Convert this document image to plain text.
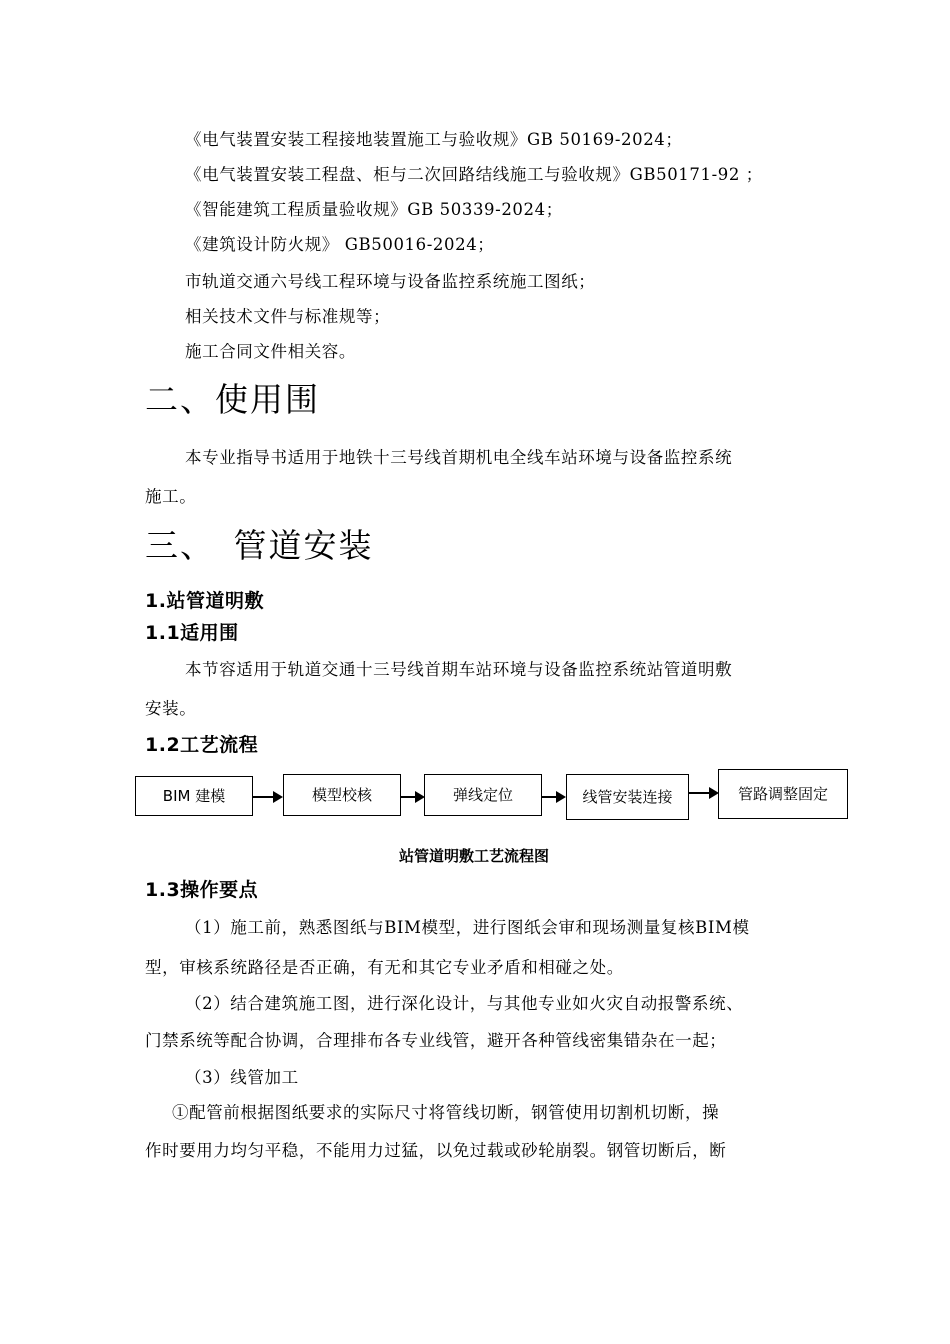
《电气装置安装工程接地装置施工与验收规》GB 50169-2024；
《电气装置安装工程盘、柜与二次回路结线施工与验收规》GB50171-92 ；
《智能建筑工程质量验收规》GB 50339-2024；
《建筑设计防火规》 GB50016-2024；
市轨道交通六号线工程环境与设备监控系统施工图纸；
相关技术文件与标准规等；
施工合同文件相关容。
二、使用围
本专业指导书适用于地铁十三号线首期机电全线车站环境与设备监控系统
施工。
三、　管道安装
1.站管道明敷
1.1适用围
本节容适用于轨道交通十三号线首期车站环境与设备监控系统站管道明敷
安装。
1.2工艺流程
BIM 建模	模型校核	弹线定位	线管安装连接	管路调整固定
站管道明敷工艺流程图
1.3操作要点
（1）施工前，熟悉图纸与BIM模型，进行图纸会审和现场测量复核BIM模
型，审核系统路径是否正确，有无和其它专业矛盾和相碰之处。
（2）结合建筑施工图，进行深化设计，与其他专业如火灾自动报警系统、
门禁系统等配合协调，合理排布各专业线管，避开各种管线密集错杂在一起；
（3）线管加工
①配管前根据图纸要求的实际尺寸将管线切断，钢管使用切割机切断，操
作时要用力均匀平稳，不能用力过猛，以免过载或砂轮崩裂。钢管切断后，断
